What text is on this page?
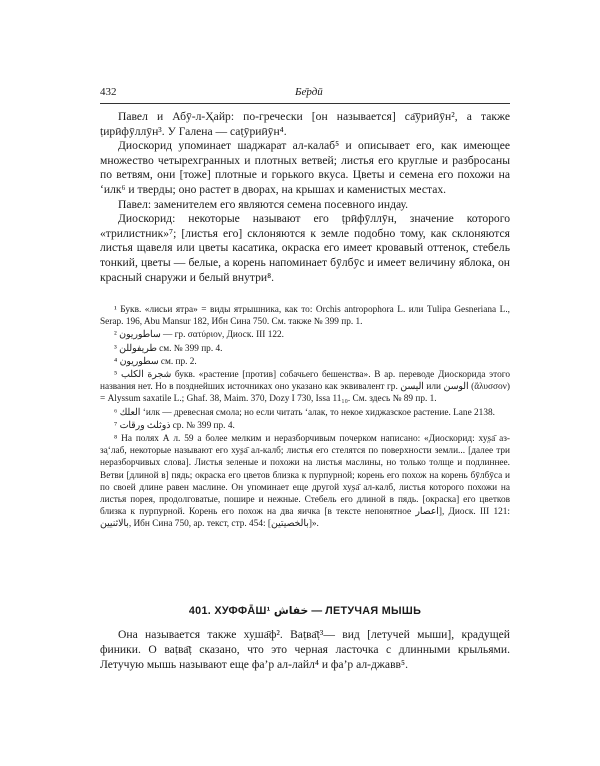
432	Бе̄рдӣ

Павел и Абӯ-л-Ҳайр: по-гречески [он называется] са̄ӯриӣӯн², а также ṭирӣфӯллӯн³. У Галена — саṭӯриӣӯн⁴.

Диоскорид упоминает шаджарат ал-калаб⁵ и описывает его, как имеющее множество четырехгранных и плотных ветвей; листья его круглые и разбросаны по ветвям, они [тоже] плотные и горького вкуса. Цветы и семена его похожи на ‘илк⁶ и тверды; оно растет в дворах, на крышах и каменистых местах.

Павел: заменителем его являются семена посевного индау.

Диоскорид: некоторые называют его ṭрӣфӯллӯн, значение которого «трилистник»⁷; [листья его] склоняются к земле подобно тому, как склоняются листья щавеля или цветы касатика, окраска его имеет кровавый оттенок, стебель тонкий, цветы — белые, а корень напоминает бӯлбӯс и имеет величину яблока, он красный снаружи и белый внутри⁸.

¹ Букв. «лисьи ятра» = виды ятрышника, как то: Orchis antropophora L. или Tulipa Gesneriana L., Serap. 196, Abu Mansur 182, Ибн Сина 750. См. также № 399 пр. 1.

² ساطوريون — гр. σατύριον, Диоск. III 122.

³ طريفوللن см. № 399 пр. 4.

⁴ سطوريون см. пр. 2.

⁵ شجرة الكلب букв. «растение [против] собачьего бешенства». В ар. переводе Диоскорида этого названия нет. Но в позднейших источниках оно указано как эквивалент гр. اليسن или الوسن (ἄλυσσον) = Alyssum saxatile L.; Ghaf. 38, Maim. 370, Dozy I 730, Issa 11₁₀. См. здесь № 89 пр. 1.

⁶ العلك ‘илк — древесная смола; но если читать ‘алак, то некое хиджазское растение. Lane 2138.

⁷ ذوثلث ورقات ср. № 399 пр. 4.

⁸ На полях А л. 59 а более мелким и неразборчивым почерком написано: «Диоскорид: ху̣ṣа̄ аз-за̣‘лаб, некоторые называют его ху̣ṣа̄ ал-калб; листья его стелятся по поверхности земли... [далее три неразборчивых слова]. Листья зеленые и похожи на листья маслины, но только толще и подлиннее. Ветви [длиной в] пядь; окраска его цветов близка к пурпурной; корень его похож на корень бӯлбӯса и по своей длине равен маслине. Он упоминает еще другой ху̣ṣа̄ ал-калб, листья которого похожи на листья порея, продолговатые, пошире и нежные. Стебель его длиной в пядь. [окраска] его цветков близка к пурпурной. Корень его похож на два яичка [в тексте непонятное اعصار], Диоск. III 121: بالاثنيين, Ибн Сина 750, ар. текст, стр. 454: [بالخصيتين]».

401. ХУФФĀШ¹ خفاش — ЛЕТУЧАЯ МЫШЬ

Она называется также ху̣ша̄ф². Ваṭва̄ṭ³— вид [летучей мыши], крадущей финики. О ваṭва̄ṭ сказано, что это черная ласточка с длинными крыльями. Летучую мышь называют еще фа’р ал-лайл⁴ и фа’р ал-джавв⁵.
